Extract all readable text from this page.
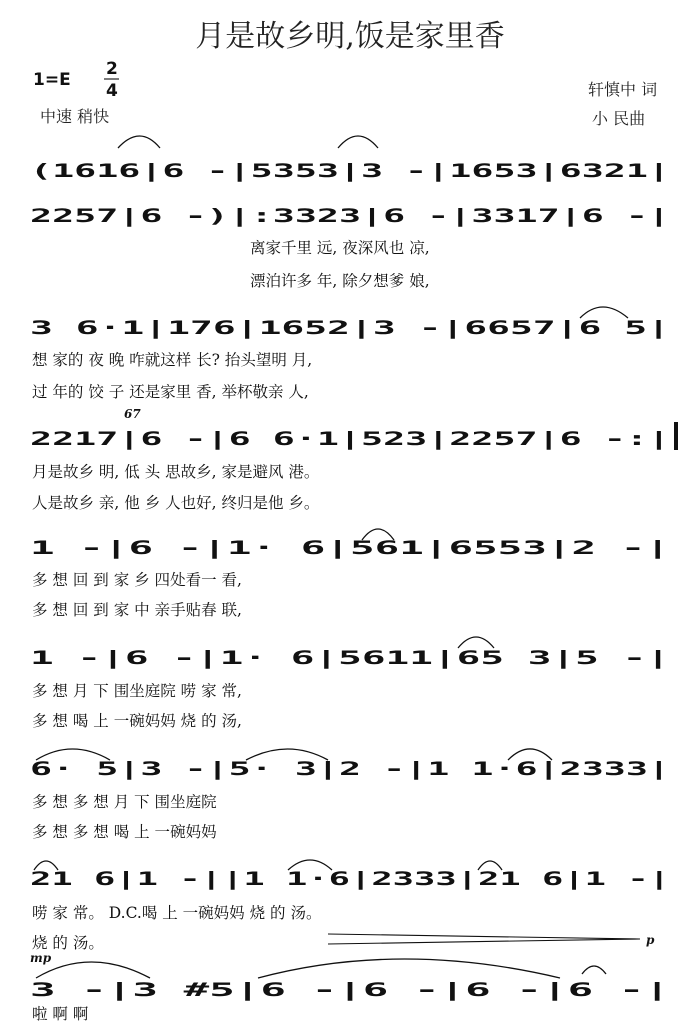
月是故乡明,饭是家里香
1=E
2
4
中速 稍快
轩慎中 词
小 民曲
(1616|6 -|5353|3 -|1653|6321|
2257|6 -)|:3323|6 -|3317|6 -|
离家千里 远, 夜深风也 凉,
漂泊许多 年, 除夕想爹 娘,
3 6·1|176|1652|3 -|6657|6 5|
想 家的 夜 晚 咋就这样 长? 抬头望明 月,
过 年的 饺 子 还是家里 香, 举杯敬亲 人,
67
2217|6 -|6 6·1|523|2257|6 -:|
月是故乡 明, 低 头 思故乡, 家是避风 港。
人是故乡 亲, 他 乡 人也好, 终归是他 乡。
1 -|6 -|1· 6|561|6553|2 -|
多 想 回 到 家 乡 四处看一 看,
多 想 回 到 家 中 亲手贴春 联,
1 -|6 -|1· 6|5611|65 3|5 -|
多 想 月 下 围坐庭院 唠 家 常,
多 想 喝 上 一碗妈妈 烧 的 汤,
6· 5|3 -|5· 3|2 -|1 1·6|2333|
多 想 多 想 月 下 围坐庭院
多 想 多 想 喝 上 一碗妈妈
21 6|1 -||1 1·6|2333|21 6|1 -|
唠 家 常。 D.C.喝 上 一碗妈妈 烧 的 汤。
烧 的 汤。	p
mp
3 -|3 #5|6 -|6 -|6 -|6 -|
啦 啊 啊
